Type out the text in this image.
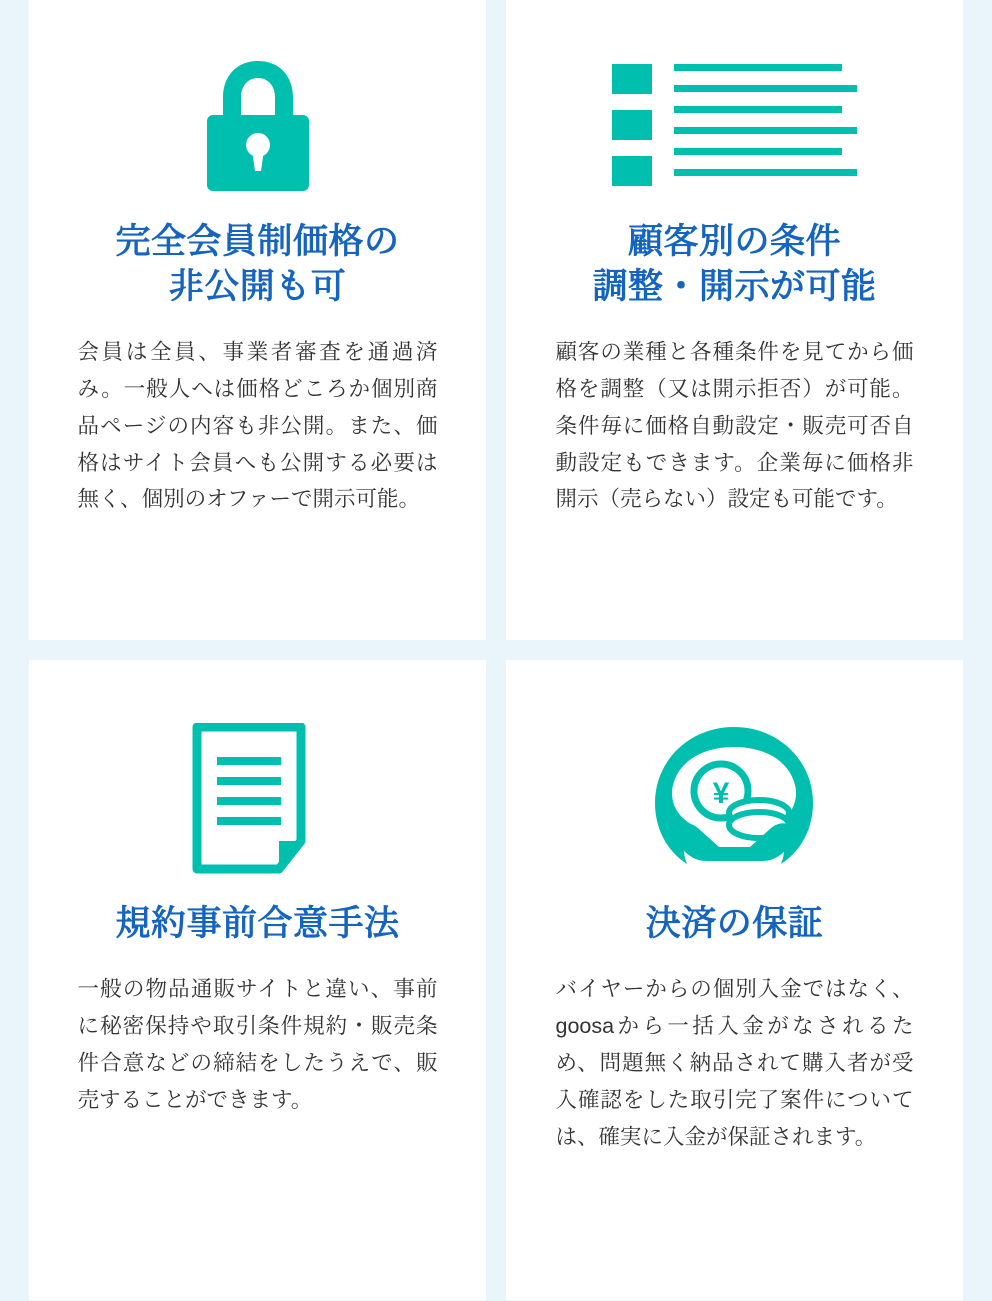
完全会員制価格の
非公開も可

会員は全員、事業者審査を通過済み。一般人へは価格どころか個別商品ページの内容も非公開。また、価格はサイト会員へも公開する必要は無く、個別のオファーで開示可能。

顧客別の条件
調整・開示が可能

顧客の業種と各種条件を見てから価格を調整（又は開示拒否）が可能。条件毎に価格自動設定・販売可否自動設定もできます。企業毎に価格非開示（売らない）設定も可能です。

規約事前合意手法

一般の物品通販サイトと違い、事前に秘密保持や取引条件規約・販売条件合意などの締結をしたうえで、販売することができます。

¥
決済の保証

バイヤーからの個別入金ではなく、goosaから一括入金がなされるため、問題無く納品されて購入者が受入確認をした取引完了案件については、確実に入金が保証されます。
